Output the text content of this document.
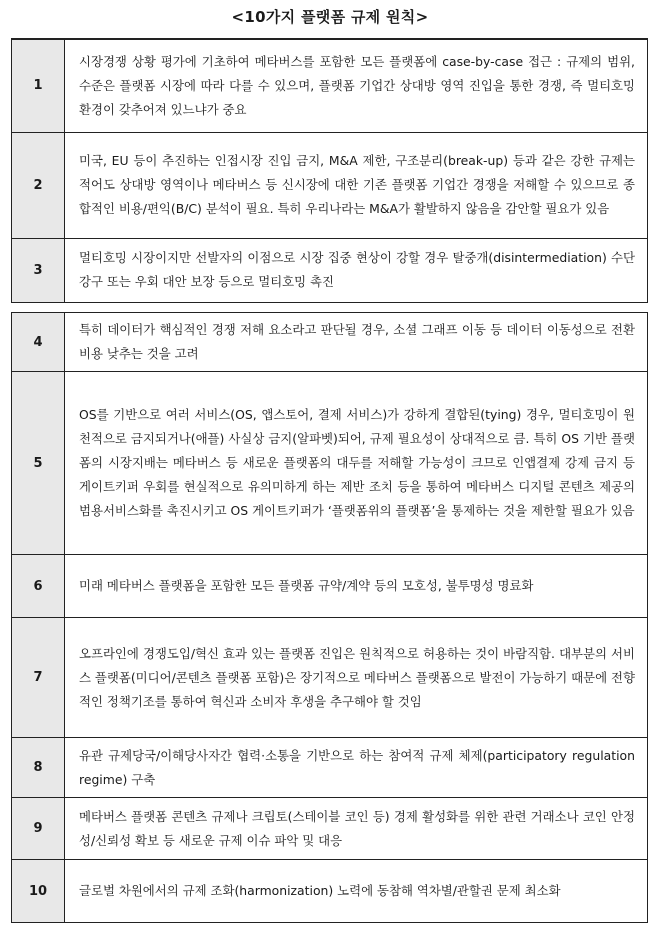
<10가지 플랫폼 규제 원칙>
1	시장경쟁 상황 평가에 기초하여 메타버스를 포함한 모든 플랫폼에 case-by-case 접근 : 규제의 범위, 수준은 플랫폼 시장에 따라 다를 수 있으며, 플랫폼 기업간 상대방 영역 진입을 통한 경쟁, 즉 멀티호밍 환경이 갖추어져 있느냐가 중요
2	미국, EU 등이 추진하는 인접시장 진입 금지, M&A 제한, 구조분리(break-up) 등과 같은 강한 규제는 적어도 상대방 영역이나 메타버스 등 신시장에 대한 기존 플랫폼 기업간 경쟁을 저해할 수 있으므로 종합적인 비용/편익(B/C) 분석이 필요. 특히 우리나라는 M&A가 활발하지 않음을 감안할 필요가 있음
3	멀티호밍 시장이지만 선발자의 이점으로 시장 집중 현상이 강할 경우 탈중개(disintermediation) 수단 강구 또는 우회 대안 보장 등으로 멀티호밍 촉진
4	특히 데이터가 핵심적인 경쟁 저해 요소라고 판단될 경우, 소셜 그래프 이동 등 데이터 이동성으로 전환비용 낮추는 것을 고려
5	OS를 기반으로 여러 서비스(OS, 앱스토어, 결제 서비스)가 강하게 결합된(tying) 경우, 멀티호밍이 원천적으로 금지되거나(애플) 사실상 금지(알파벳)되어, 규제 필요성이 상대적으로 큼. 특히 OS 기반 플랫폼의 시장지배는 메타버스 등 새로운 플랫폼의 대두를 저해할 가능성이 크므로 인앱결제 강제 금지 등 게이트키퍼 우회를 현실적으로 유의미하게 하는 제반 조치 등을 통하여 메타버스 디지털 콘텐츠 제공의 범용서비스화를 촉진시키고 OS 게이트키퍼가 ‘플랫폼위의 플랫폼’을 통제하는 것을 제한할 필요가 있음
6	미래 메타버스 플랫폼을 포함한 모든 플랫폼 규약/계약 등의 모호성, 불투명성 명료화
7	오프라인에 경쟁도입/혁신 효과 있는 플랫폼 진입은 원칙적으로 허용하는 것이 바람직함. 대부분의 서비스 플랫폼(미디어/콘텐츠 플랫폼 포함)은 장기적으로 메타버스 플랫폼으로 발전이 가능하기 때문에 전향적인 정책기조를 통하여 혁신과 소비자 후생을 추구해야 할 것임
8	유관 규제당국/이해당사자간 협력·소통을 기반으로 하는 참여적 규제 체제(participatory regulation regime) 구축
9	메타버스 플랫폼 콘텐츠 규제나 크립토(스테이블 코인 등) 경제 활성화를 위한 관련 거래소나 코인 안정성/신뢰성 확보 등 새로운 규제 이슈 파악 및 대응
10	글로벌 차원에서의 규제 조화(harmonization) 노력에 동참해 역차별/관할권 문제 최소화
